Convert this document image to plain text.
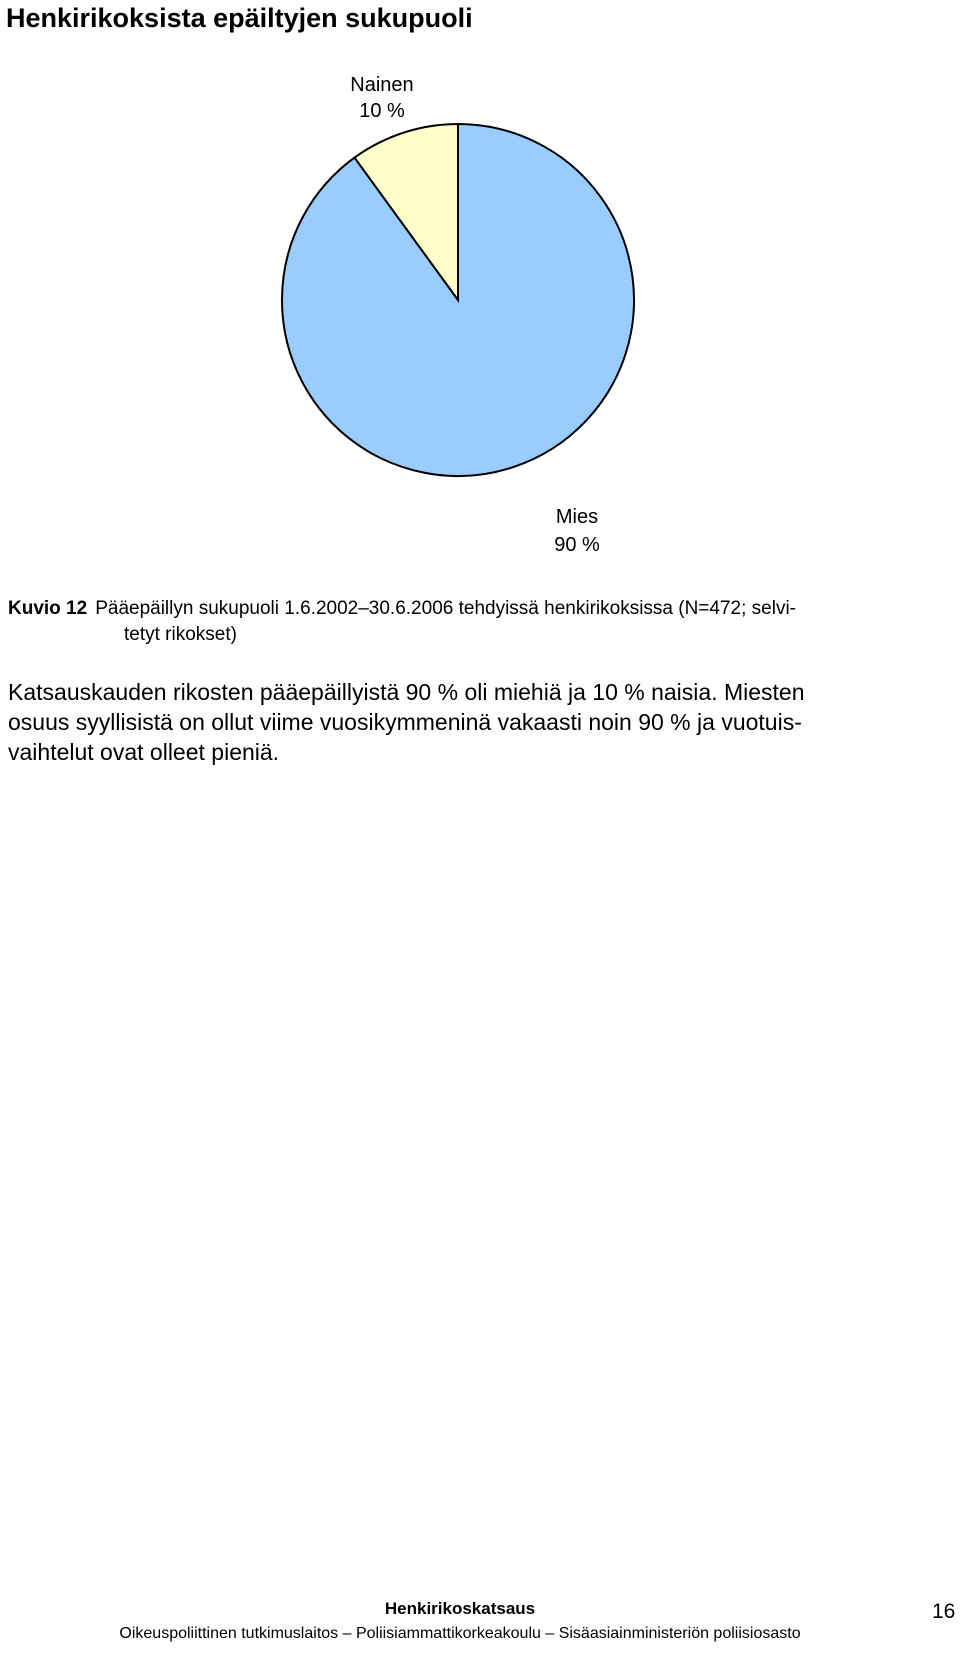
Henkirikoksista epäiltyjen sukupuoli
Nainen
10 %
Mies
90 %

Kuvio 12 Pääepäillyn sukupuoli 1.6.2002–30.6.2006 tehdyissä henkirikoksissa (N=472; selvi-
tetyt rikokset)

Katsauskauden rikosten pääepäillyistä 90 % oli miehiä ja 10 % naisia. Miesten
osuus syyllisistä on ollut viime vuosikymmeninä vakaasti noin 90 % ja vuotuis-
vaihtelut ovat olleet pieniä.

Henkirikoskatsaus	16
Oikeuspoliittinen tutkimuslaitos – Poliisiammattikorkeakoulu – Sisäasiainministeriön poliisiosasto
